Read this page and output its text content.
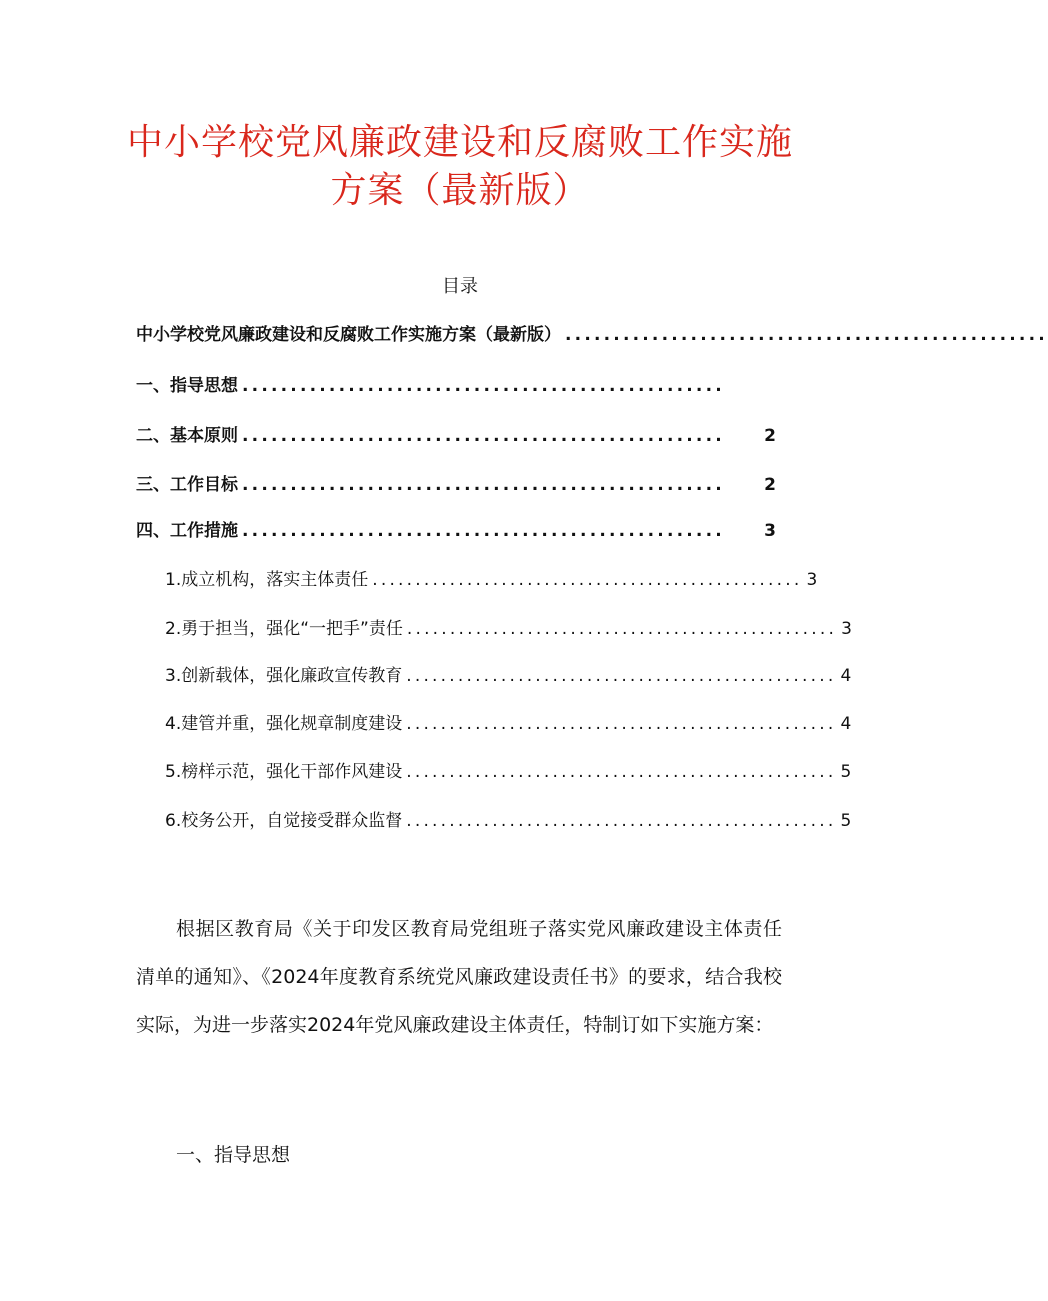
中小学校党风廉政建设和反腐败工作实施
方案（最新版）
目录
中小学校党风廉政建设和反腐败工作实施方案（最新版） ..................................................
一、指导思想 ..................................................
二、基本原则 ..................................................	2
三、工作目标 ..................................................	2
四、工作措施 ..................................................	3
1 .成立机构，落实主体责任 .................................................. 3
2 .勇于担当，强化“一把手”责任 .................................................. 3
3 .创新载体，强化廉政宣传教育 .................................................. 4
4 .建管并重，强化规章制度建设 .................................................. 4
5 .榜样示范，强化干部作风建设 .................................................. 5
6 .校务公开，自觉接受群众监督 .................................................. 5

根据区教育局《关于印发区教育局党组班子落实党风廉政建设主体责任清单的通知》、《2024年度教育系统党风廉政建设责任书》的要求，结合我校实际，为进一步落实2024年党风廉政建设主体责任，特制订如下实施方案：

一、指导思想
